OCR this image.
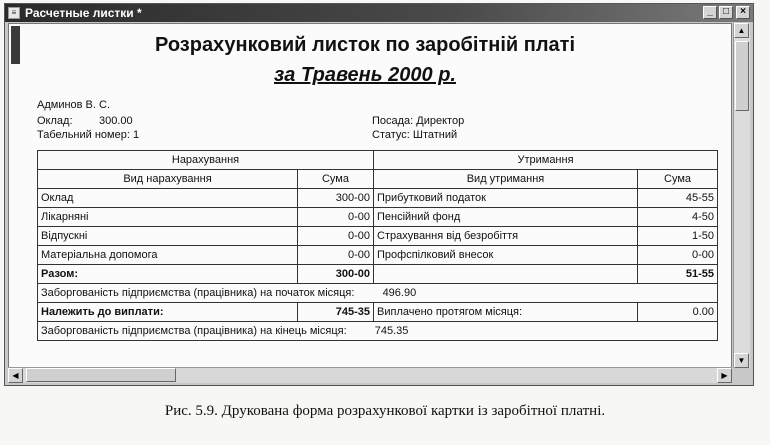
≡ Расчетные листки *	_	□	×
Розрахунковий листок по заробітній платі
за Травень 2000 р.
Админов В. С.
Оклад: 300.00
Табельний номер: 1
Посада: Директор
Статус: Штатний
Нарахування		Утримання	
Вид нарахування	Сума	Вид утримання	Сума
Оклад	300-00	Прибутковий податок	45-55
Лікарняні	0-00	Пенсійний фонд	4-50
Відпускні	0-00	Страхування від безробіття	1-50
Матеріальна допомога	0-00	Профспілковий внесок	0-00
Разом:	300-00		51-55
Заборгованість підприємства (працівника) на початок місяця: 496.90			
Належить до виплати:	745-35	Виплачено протягом місяця:	0.00
Заборгованість підприємства (працівника) на кінець місяця: 745.35			
▲
▼
◀	▶
Рис. 5.9. Друкована форма розрахункової картки із заробітної платні.
